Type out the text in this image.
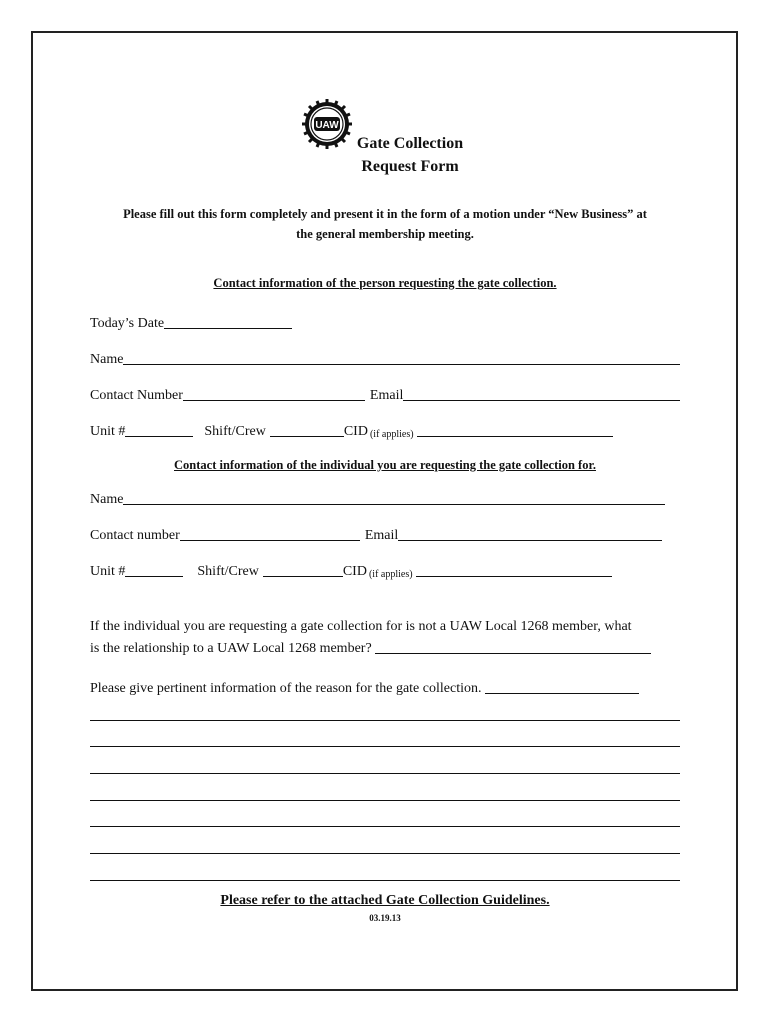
UAW
Gate Collection
Request Form
Please fill out this form completely and present it in the form of a motion under “New Business” at
the general membership meeting.
Contact information of the person requesting the gate collection.
Today’s Date
Name
Contact Number	Email
Unit #	Shift/Crew	CID (if applies)
Contact information of the individual you are requesting the gate collection for.
Name
Contact number	Email
Unit #	Shift/Crew	CID (if applies)
If the individual you are requesting a gate collection for is not a UAW Local 1268 member, what
is the relationship to a UAW Local 1268 member?
Please give pertinent information of the reason for the gate collection.
Please refer to the attached Gate Collection Guidelines.
03.19.13
